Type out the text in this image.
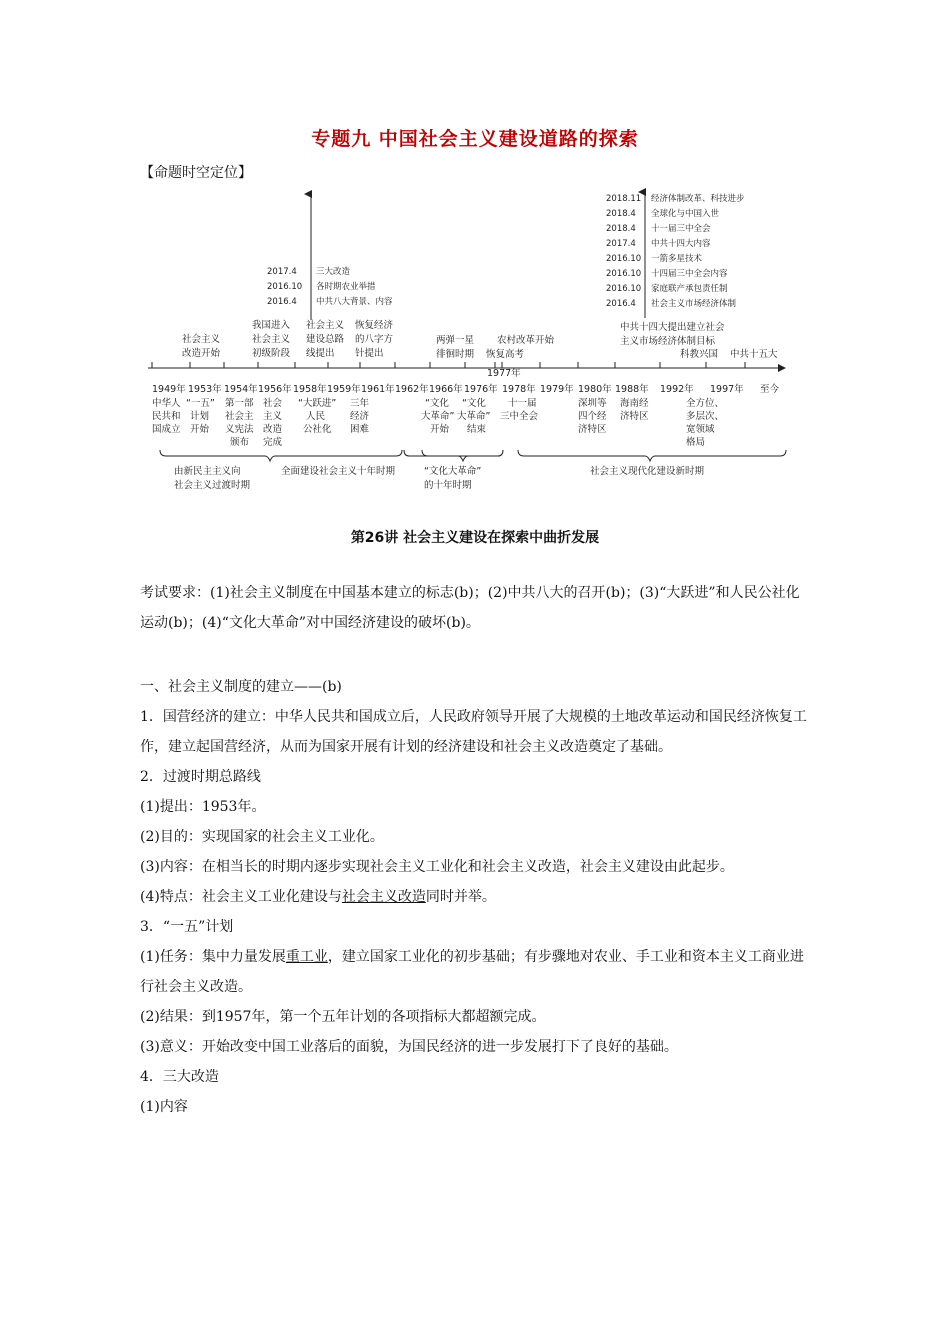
专题九 中国社会主义建设道路的探索
【命题时空定位】
2017.4
2016.10
2016.4
三大改造
各时期农业举措
中共八大背景、内容
2018.11
2018.4
2018.4
2017.4
2016.10
2016.10
2016.10
2016.4
经济体制改革、科技进步
全球化与中国入世
十一届三中全会
中共十四大内容
一箭多星技术
十四届三中全会内容
家庭联产承包责任制
社会主义市场经济体制
社会主义
改造开始
我国进入
社会主义
初级阶段
社会主义
建设总路
线提出
恢复经济
的八字方
针提出
两弹一星
徘徊时期
农村改革开始
恢复高考
中共十四大提出建立社会
主义市场经济体制目标
科教兴国 中共十五大
1977年
1949年 1953年 1954年 1956年 1958年 1959年 1961年 1962年 1966年 1976年 1978年 1979年 1980年 1988年 1992年 1997年 至今
中华人
民共和
国成立
“一五”
计划
开始
第一部
社会主
义宪法
颁布
社会
主义
改造
完成
“大跃进”
人民
公社化
三年
经济
困难
“文化
大革命”
开始
“文化
大革命”
结束
十一届
三中全会
深圳等
四个经
济特区
海南经
济特区
全方位、
多层次、
宽领域
格局
由新民主主义向
社会主义过渡时期
全面建设社会主义十年时期	“文化大革命”
的十年时期
社会主义现代化建设新时期
第26讲 社会主义建设在探索中曲折发展

考试要求：(1)社会主义制度在中国基本建立的标志(b)；(2)中共八大的召开(b)；(3)“大跃进”和人民公社化运动(b)；(4)“文化大革命”对中国经济建设的破坏(b)。

一、社会主义制度的建立——(b)

1．国营经济的建立：中华人民共和国成立后，人民政府领导开展了大规模的土地改革运动和国民经济恢复工作，建立起国营经济，从而为国家开展有计划的经济建设和社会主义改造奠定了基础。

2．过渡时期总路线

(1)提出：1953年。

(2)目的：实现国家的社会主义工业化。

(3)内容：在相当长的时期内逐步实现社会主义工业化和社会主义改造，社会主义建设由此起步。

(4)特点：社会主义工业化建设与社会主义改造同时并举。

3．“一五”计划

(1)任务：集中力量发展重工业，建立国家工业化的初步基础；有步骤地对农业、手工业和资本主义工商业进行社会主义改造。

(2)结果：到1957年，第一个五年计划的各项指标大都超额完成。

(3)意义：开始改变中国工业落后的面貌，为国民经济的进一步发展打下了良好的基础。

4．三大改造

(1)内容
